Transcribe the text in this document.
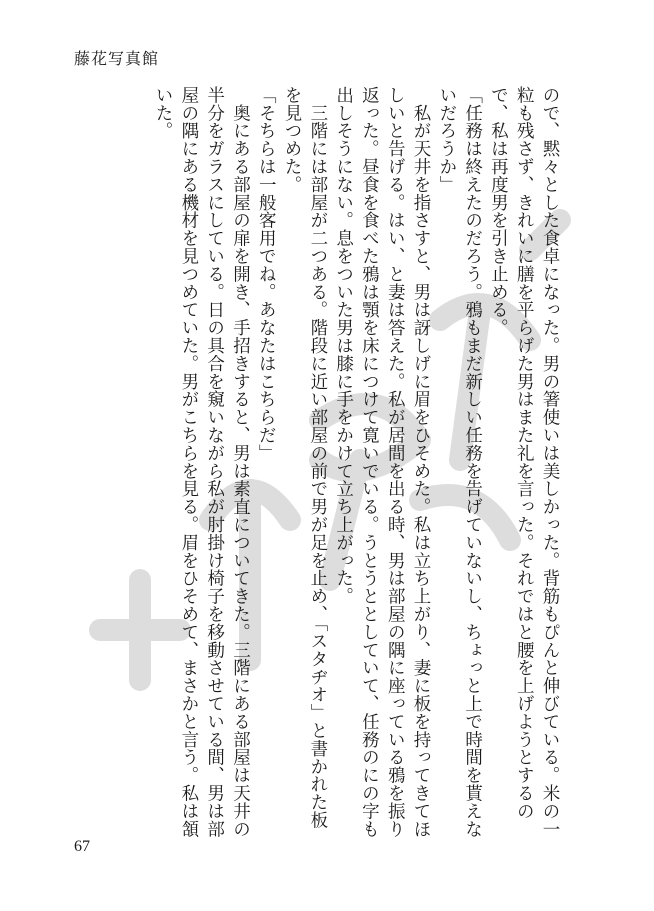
藤花写真館

ので、黙々とした食卓になった。男の箸使いは美しかった。背筋もぴんと伸びている。米の一粒も残さず、きれいに膳を平らげた男はまた礼を言った。それではと腰を上げようとするので、私は再度男を引き止める。

「任務は終えたのだろう。鴉もまだ新しい任務を告げていないし、ちょっと上で時間を貰えないだろうか」

　私が天井を指さすと、男は訝しげに眉をひそめた。私は立ち上がり、妻に板を持ってきてほしいと告げる。はい、と妻は答えた。私が居間を出る時、男は部屋の隅に座っている鴉を振り返った。昼食を食べた鴉は顎を床につけて寛いでいる。うとうととしていて、任務のにの字も出しそうにない。息をついた男は膝に手をかけて立ち上がった。

　三階には部屋が二つある。階段に近い部屋の前で男が足を止め、「スタヂオ」と書かれた板を見つめた。

「そちらは一般客用でね。あなたはこちらだ」

　奥にある部屋の扉を開き、手招きすると、男は素直についてきた。三階にある部屋は天井の半分をガラスにしている。日の具合を窺いながら私が肘掛け椅子を移動させている間、男は部屋の隅にある機材を見つめていた。男がこちらを見る。眉をひそめて、まさかと言う。私は頷いた。

67
